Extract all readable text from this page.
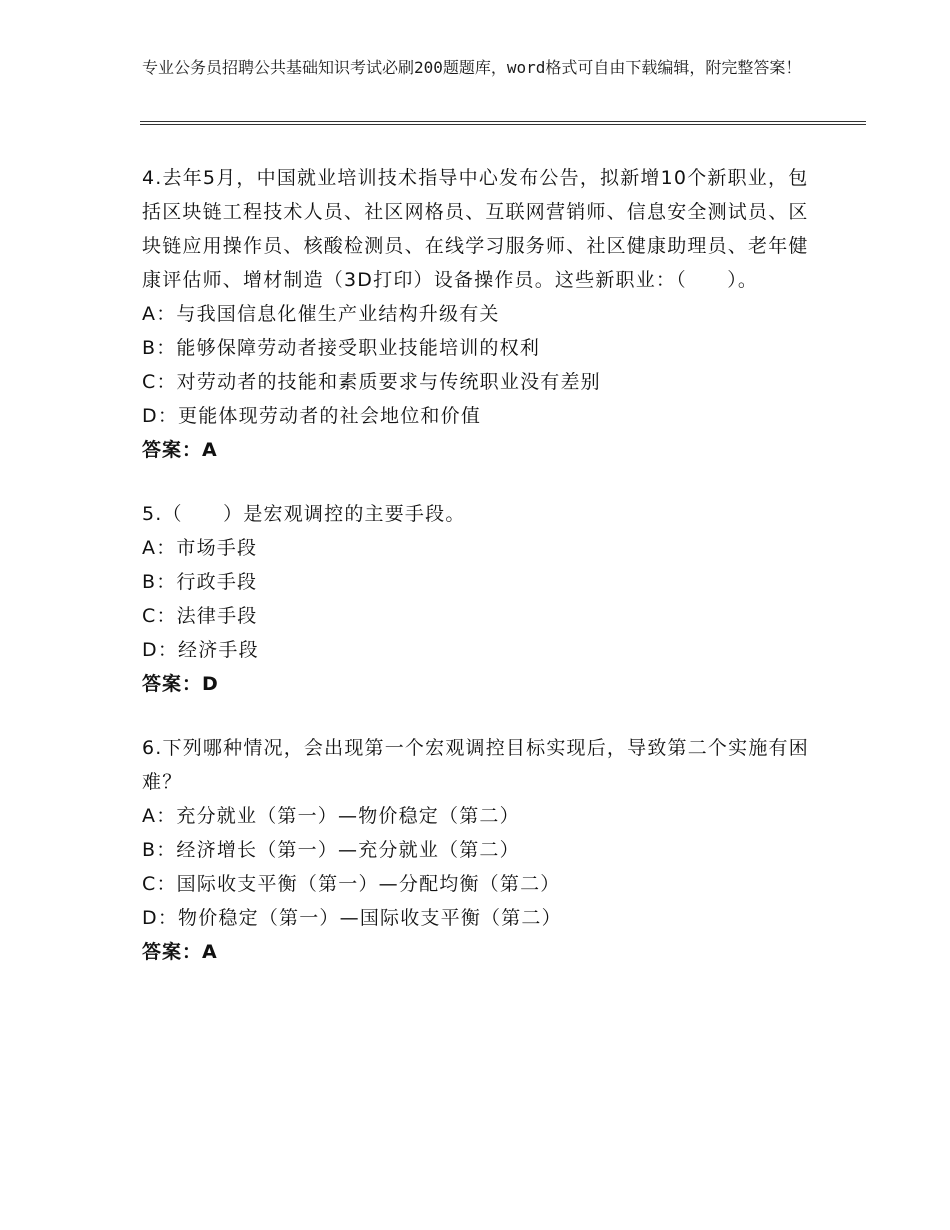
专业公务员招聘公共基础知识考试必刷200题题库，word格式可自由下载编辑，附完整答案！

4.去年5月，中国就业培训技术指导中心发布公告，拟新增10个新职业，包括区块链工程技术人员、社区网格员、互联网营销师、信息安全测试员、区块链应用操作员、核酸检测员、在线学习服务师、社区健康助理员、老年健康评估师、增材制造（3D打印）设备操作员。这些新职业：（　　）。

A：与我国信息化催生产业结构升级有关

B：能够保障劳动者接受职业技能培训的权利

C：对劳动者的技能和素质要求与传统职业没有差别

D：更能体现劳动者的社会地位和价值

答案：A

5.（　　）是宏观调控的主要手段。

A：市场手段

B：行政手段

C：法律手段

D：经济手段

答案：D

6.下列哪种情况，会出现第一个宏观调控目标实现后，导致第二个实施有困难？

A：充分就业（第一）—物价稳定（第二）

B：经济增长（第一）—充分就业（第二）

C：国际收支平衡（第一）—分配均衡（第二）

D：物价稳定（第一）—国际收支平衡（第二）

答案：A
